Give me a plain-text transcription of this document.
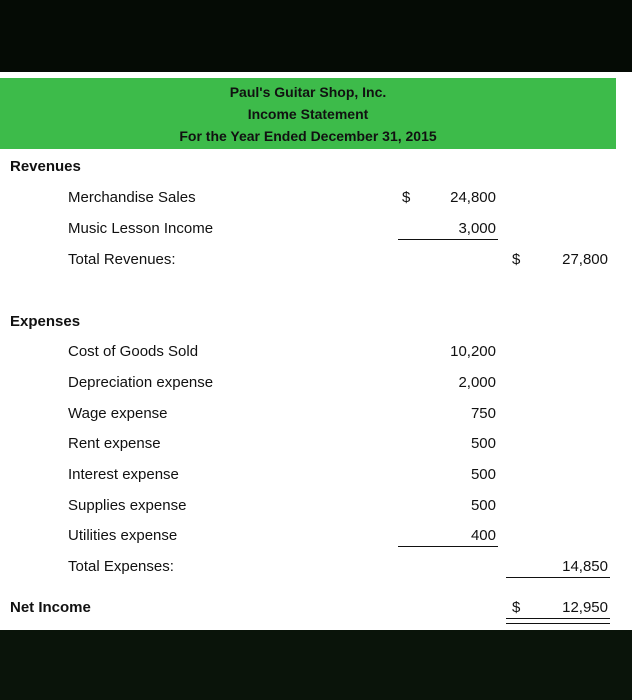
Paul's Guitar Shop, Inc.
Income Statement
For the Year Ended December 31, 2015
Revenues
Merchandise Sales	$	24,800
Music Lesson Income	3,000
Total Revenues:	$	27,800
Expenses
Cost of Goods Sold	10,200
Depreciation expense	2,000
Wage expense	750
Rent expense	500
Interest expense	500
Supplies expense	500
Utilities expense	400
Total Expenses:	14,850
Net Income	$	12,950
